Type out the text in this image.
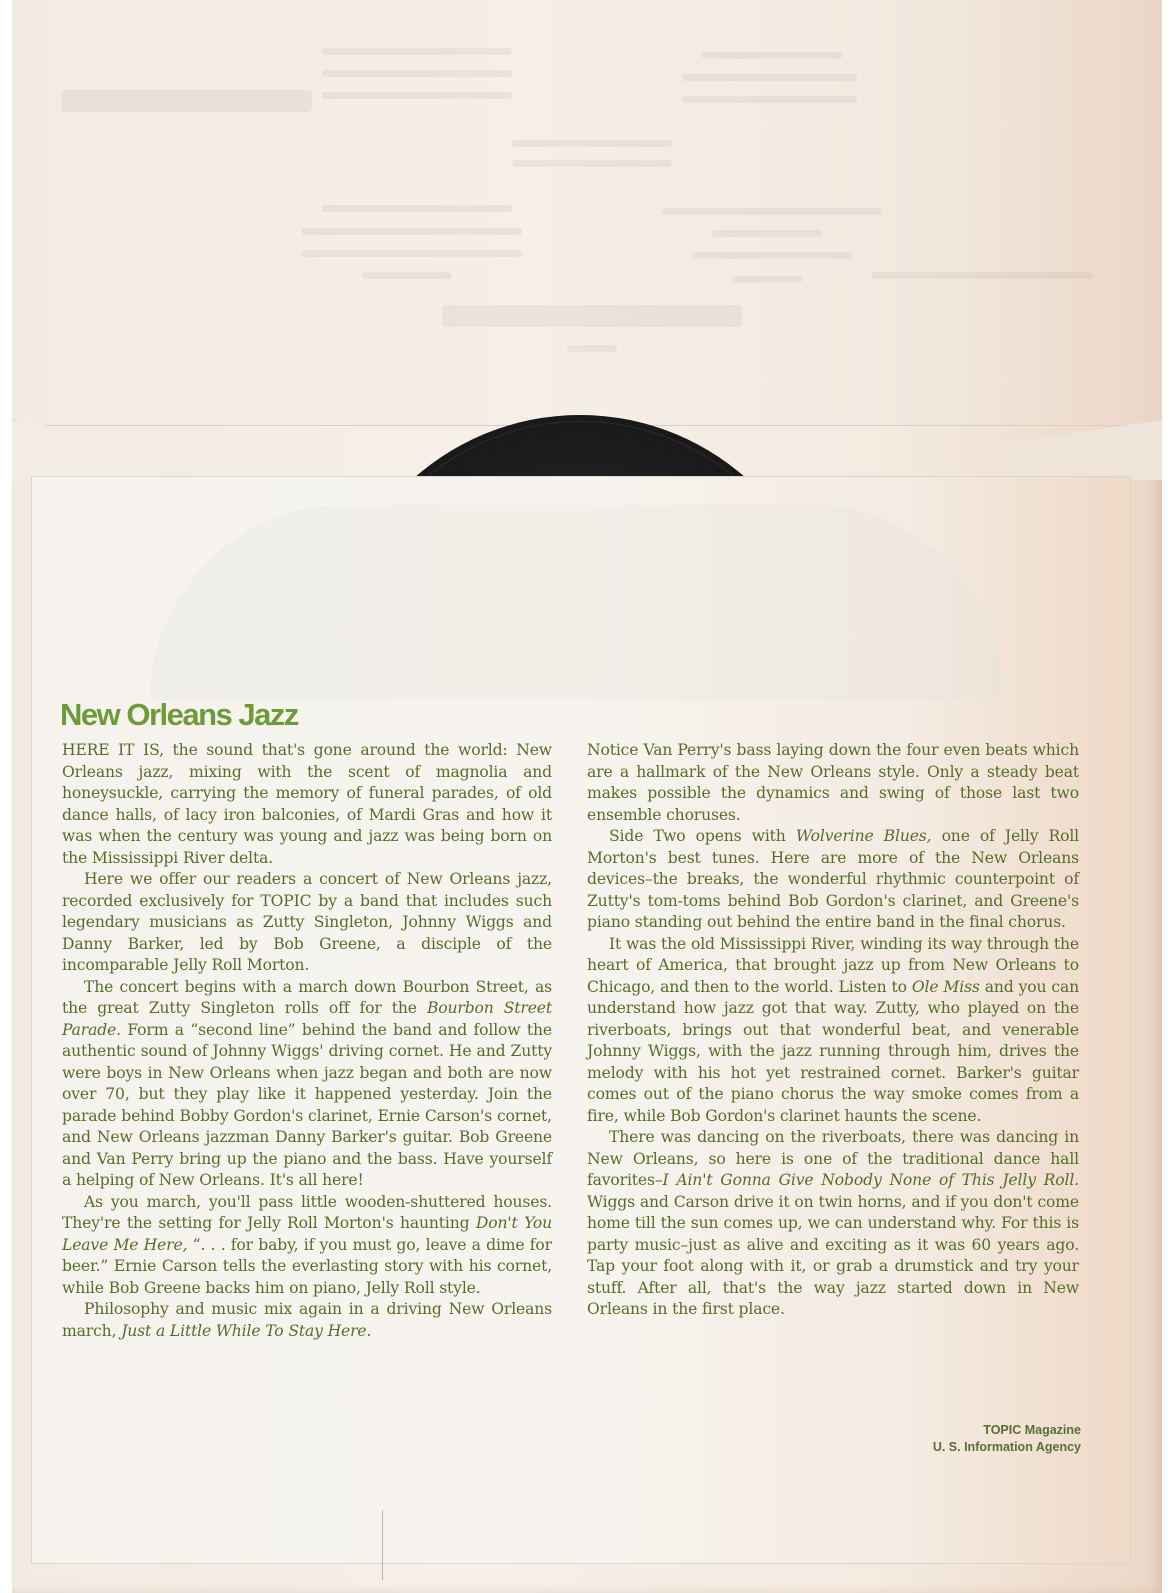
New Orleans Jazz

HERE IT IS, the sound that's gone around the world: New Orleans jazz, mixing with the scent of magnolia and honeysuckle, carrying the memory of funeral parades, of old dance halls, of lacy iron balconies, of Mardi Gras and how it was when the century was young and jazz was being born on the Mississippi River delta.

Here we offer our readers a concert of New Orleans jazz, recorded exclusively for TOPIC by a band that includes such legendary musicians as Zutty Singleton, Johnny Wiggs and Danny Barker, led by Bob Greene, a disciple of the incomparable Jelly Roll Morton.

The concert begins with a march down Bourbon Street, as the great Zutty Singleton rolls off for the Bourbon Street Parade. Form a “second line” behind the band and follow the authentic sound of Johnny Wiggs' driving cornet. He and Zutty were boys in New Orleans when jazz began and both are now over 70, but they play like it happened yesterday. Join the parade behind Bobby Gordon's clarinet, Ernie Carson's cornet, and New Orleans jazzman Danny Barker's guitar. Bob Greene and Van Perry bring up the piano and the bass. Have yourself a helping of New Orleans. It's all here!

As you march, you'll pass little wooden-shuttered houses. They're the setting for Jelly Roll Morton's haunting Don't You Leave Me Here, “. . . for baby, if you must go, leave a dime for beer.” Ernie Carson tells the everlasting story with his cornet, while Bob Greene backs him on piano, Jelly Roll style.

Philosophy and music mix again in a driving New Orleans march, Just a Little While To Stay Here.

Notice Van Perry's bass laying down the four even beats which are a hallmark of the New Orleans style. Only a steady beat makes possible the dynamics and swing of those last two ensemble choruses.

Side Two opens with Wolverine Blues, one of Jelly Roll Morton's best tunes. Here are more of the New Orleans devices–the breaks, the wonderful rhythmic counterpoint of Zutty's tom-toms behind Bob Gordon's clarinet, and Greene's piano standing out behind the entire band in the final chorus.

It was the old Mississippi River, winding its way through the heart of America, that brought jazz up from New Orleans to Chicago, and then to the world. Listen to Ole Miss and you can understand how jazz got that way. Zutty, who played on the riverboats, brings out that wonderful beat, and venerable Johnny Wiggs, with the jazz running through him, drives the melody with his hot yet restrained cornet. Barker's guitar comes out of the piano chorus the way smoke comes from a fire, while Bob Gordon's clarinet haunts the scene.

There was dancing on the riverboats, there was dancing in New Orleans, so here is one of the traditional dance hall favorites–I Ain't Gonna Give Nobody None of This Jelly Roll. Wiggs and Carson drive it on twin horns, and if you don't come home till the sun comes up, we can understand why. For this is party music–just as alive and exciting as it was 60 years ago. Tap your foot along with it, or grab a drumstick and try your stuff. After all, that's the way jazz started down in New Orleans in the first place.

TOPIC Magazine
U. S. Information Agency
